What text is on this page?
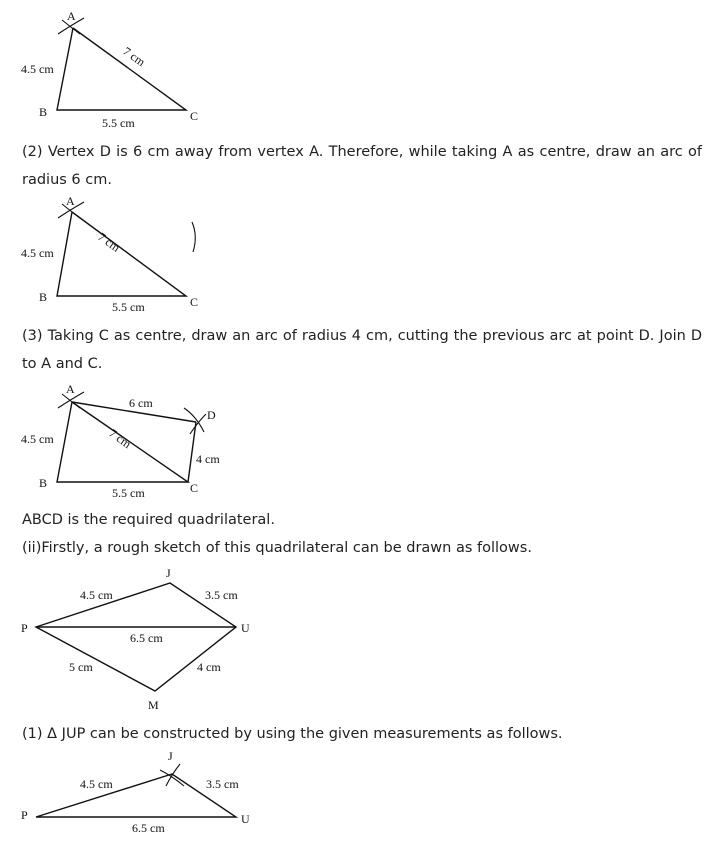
A
B	C
4.5 cm	7 cm
5.5 cm

(2) Vertex D is 6 cm away from vertex A. Therefore, while taking A as centre, draw an arc of radius 6 cm.

A
B	C
4.5 cm	7 cm
5.5 cm

(3) Taking C as centre, draw an arc of radius 4 cm, cutting the previous arc at point D. Join D to A and C.

A
B	C
D
4.5 cm	7 cm
5.5 cm
6 cm
4 cm

ABCD is the required quadrilateral.

(ii)Firstly, a rough sketch of this quadrilateral can be drawn as follows.

J
P	U
M
4.5 cm	3.5 cm
6.5 cm
5 cm	4 cm

(1) Δ JUP can be constructed by using the given measurements as follows.

J
P	U
4.5 cm	3.5 cm
6.5 cm
